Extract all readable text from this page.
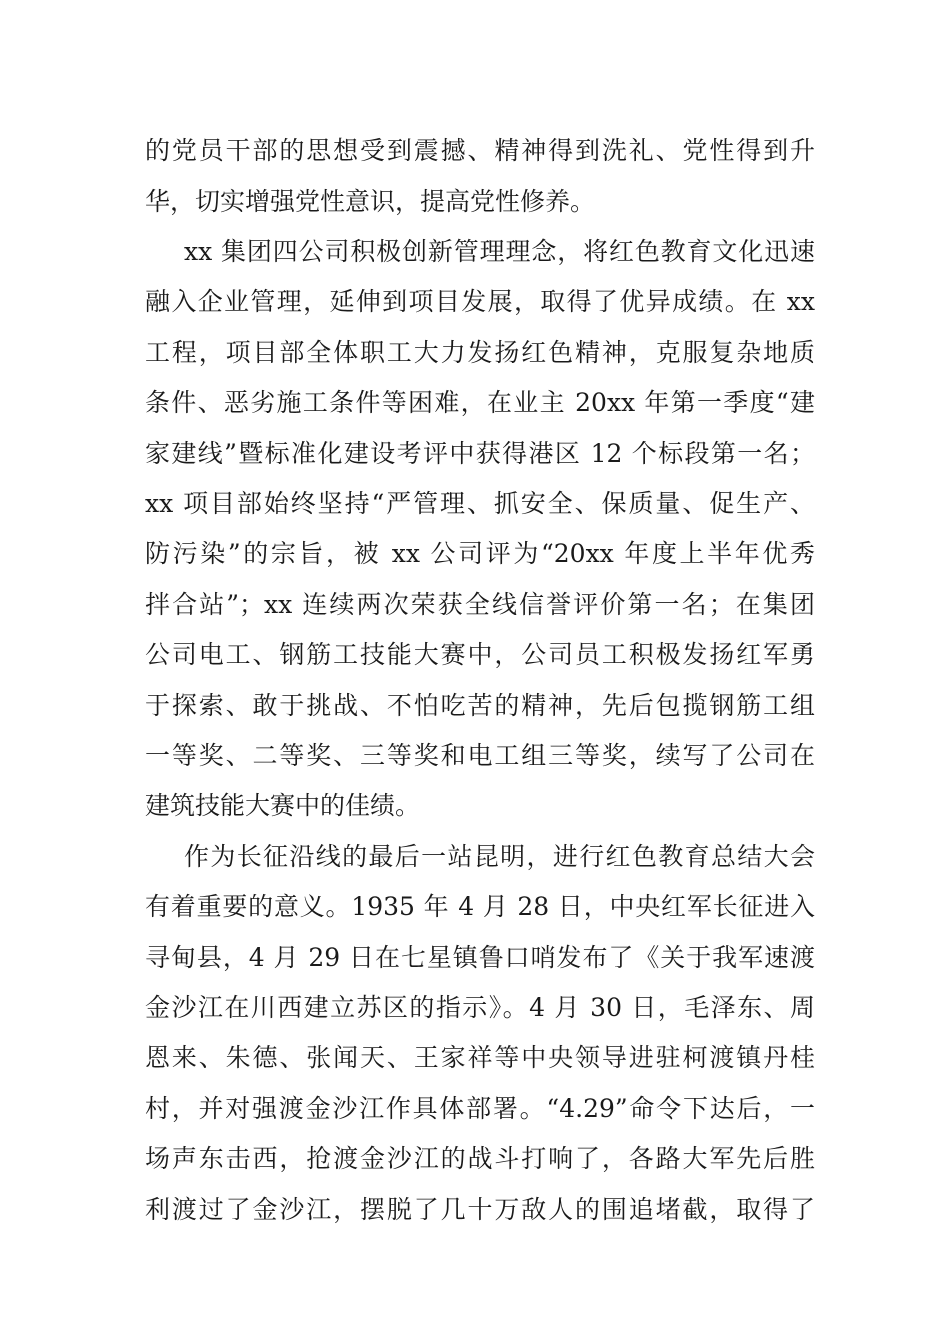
的党员干部的思想受到震撼、精神得到洗礼、党性得到升
华，切实增强党性意识，提高党性修养。
xx 集团四公司积极创新管理理念，将红色教育文化迅速
融入企业管理，延伸到项目发展，取得了优异成绩。在 xx
工程，项目部全体职工大力发扬红色精神，克服复杂地质
条件、恶劣施工条件等困难，在业主 20xx 年第一季度“建
家建线”暨标准化建设考评中获得港区 12 个标段第一名；
xx 项目部始终坚持“严管理、抓安全、保质量、促生产、
防污染”的宗旨，被 xx 公司评为“20xx 年度上半年优秀
拌合站”；xx 连续两次荣获全线信誉评价第一名；在集团
公司电工、钢筋工技能大赛中，公司员工积极发扬红军勇
于探索、敢于挑战、不怕吃苦的精神，先后包揽钢筋工组
一等奖、二等奖、三等奖和电工组三等奖，续写了公司在
建筑技能大赛中的佳绩。
作为长征沿线的最后一站昆明，进行红色教育总结大会
有着重要的意义。1935 年 4 月 28 日，中央红军长征进入
寻甸县，4 月 29 日在七星镇鲁口哨发布了《关于我军速渡
金沙江在川西建立苏区的指示》。4 月 30 日，毛泽东、周
恩来、朱德、张闻天、王家祥等中央领导进驻柯渡镇丹桂
村，并对强渡金沙江作具体部署。“4.29”命令下达后，一
场声东击西，抢渡金沙江的战斗打响了，各路大军先后胜
利渡过了金沙江，摆脱了几十万敌人的围追堵截，取得了
